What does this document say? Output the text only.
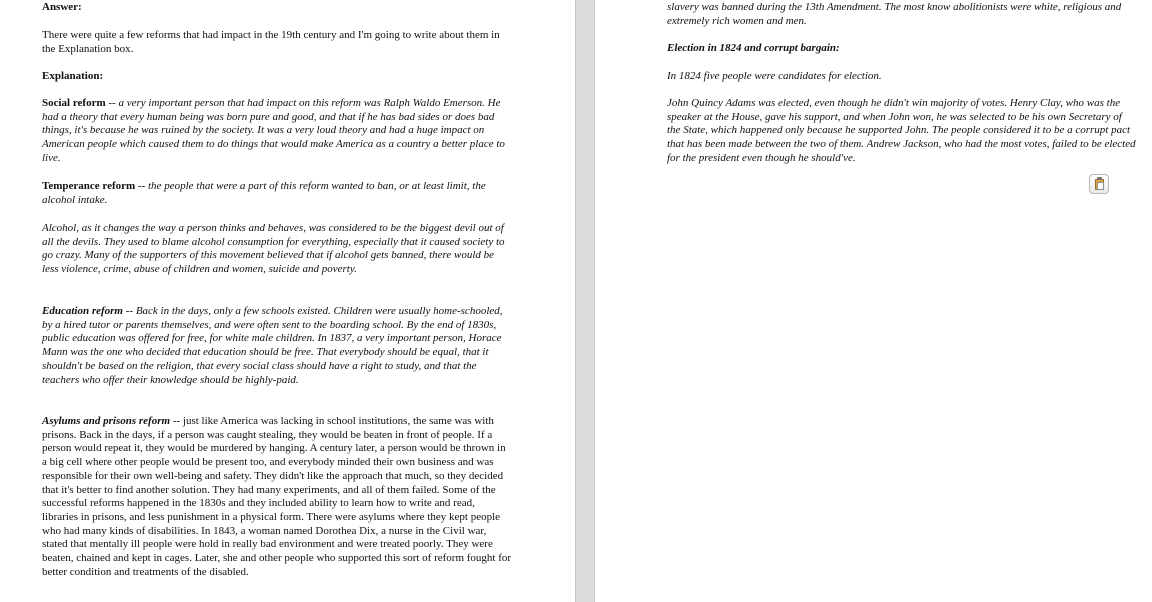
Answer:

There were quite a few reforms that had impact in the 19th century and I'm going to write about them in the Explanation box.

Explanation:

Social reform -- a very important person that had impact on this reform was Ralph Waldo Emerson. He had a theory that every human being was born pure and good, and that if he has bad sides or does bad things, it's because he was ruined by the society. It was a very loud theory and had a huge impact on American people which caused them to do things that would make America as a country a better place to live.

Temperance reform -- the people that were a part of this reform wanted to ban, or at least limit, the alcohol intake.

Alcohol, as it changes the way a person thinks and behaves, was considered to be the biggest devil out of all the devils. They used to blame alcohol consumption for everything, especially that it caused society to go crazy. Many of the supporters of this movement believed that if alcohol gets banned, there would be less violence, crime, abuse of children and women, suicide and poverty.

Education reform -- Back in the days, only a few schools existed. Children were usually home-schooled, by a hired tutor or parents themselves, and were often sent to the boarding school. By the end of 1830s, public education was offered for free, for white male children. In 1837, a very important person, Horace Mann was the one who decided that education should be free. That everybody should be equal, that it shouldn't be based on the religion, that every social class should have a right to study, and that the teachers who offer their knowledge should be highly-paid.

Asylums and prisons reform -- just like America was lacking in school institutions, the same was with prisons. Back in the days, if a person was caught stealing, they would be beaten in front of people. If a person would repeat it, they would be murdered by hanging. A century later, a person would be thrown in a big cell where other people would be present too, and everybody minded their own business and was responsible for their own well-being and safety. They didn't like the approach that much, so they decided that it's better to find another solution. They had many experiments, and all of them failed. Some of the successful reforms happened in the 1830s and they included ability to learn how to write and read, libraries in prisons, and less punishment in a physical form. There were asylums where they kept people who had many kinds of disabilities. In 1843, a woman named Dorothea Dix, a nurse in the Civil war, stated that mentally ill people were hold in really bad environment and were treated poorly. They were beaten, chained and kept in cages. Later, she and other people who supported this sort of reform fought for better condition and treatments of the disabled.

slavery was banned during the 13th Amendment. The most know abolitionists were white, religious and extremely rich women and men.

Election in 1824 and corrupt bargain:

In 1824 five people were candidates for election.

John Quincy Adams was elected, even though he didn't win majority of votes. Henry Clay, who was the speaker at the House, gave his support, and when John won, he was selected to be his own Secretary of the State, which happened only because he supported John. The people considered it to be a corrupt pact that has been made between the two of them. Andrew Jackson, who had the most votes, failed to be elected for the president even though he should've.
